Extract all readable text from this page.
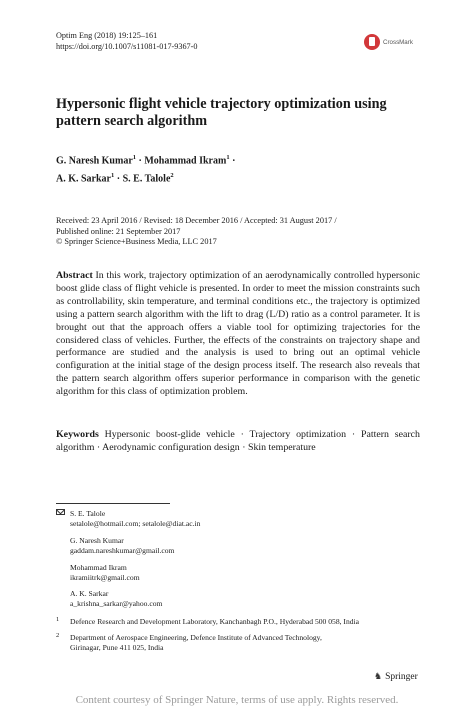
Optim Eng (2018) 19:125–161
https://doi.org/10.1007/s11081-017-9367-0	CrossMark
Hypersonic flight vehicle trajectory optimization using pattern search algorithm
G. Naresh Kumar$^1$ · Mohammad Ikram$^1$ ·
A. K. Sarkar$^1$ · S. E. Talole$^2$
Received: 23 April 2016 / Revised: 18 December 2016 / Accepted: 31 August 2017 /
Published online: 21 September 2017
© Springer Science+Business Media, LLC 2017
Abstract In this work, trajectory optimization of an aerodynamically controlled hypersonic boost glide class of flight vehicle is presented. In order to meet the mission constraints such as controllability, skin temperature, and terminal conditions etc., the trajectory is optimized using a pattern search algorithm with the lift to drag (L/D) ratio as a control parameter. It is brought out that the approach offers a viable tool for optimizing trajectories for the considered class of vehicles. Further, the effects of the constraints on trajectory shape and performance are studied and the analysis is used to bring out an optimal vehicle configuration at the initial stage of the design process itself. The research also reveals that the pattern search algorithm offers superior performance in comparison with the genetic algorithm for this class of optimization problem.
Keywords Hypersonic boost-glide vehicle · Trajectory optimization · Pattern search algorithm · Aerodynamic configuration design · Skin temperature
S. E. Talole
setalole@hotmail.com; setalole@diat.ac.in
G. Naresh Kumar
gaddam.nareshkumar@gmail.com
Mohammad Ikram
ikramiitrk@gmail.com
A. K. Sarkar
a_krishna_sarkar@yahoo.com
1 Defence Research and Development Laboratory, Kanchanbagh P.O., Hyderabad 500 058, India
2 Department of Aerospace Engineering, Defence Institute of Advanced Technology,
Girinagar, Pune 411 025, India
♞ Springer
Content courtesy of Springer Nature, terms of use apply. Rights reserved.
